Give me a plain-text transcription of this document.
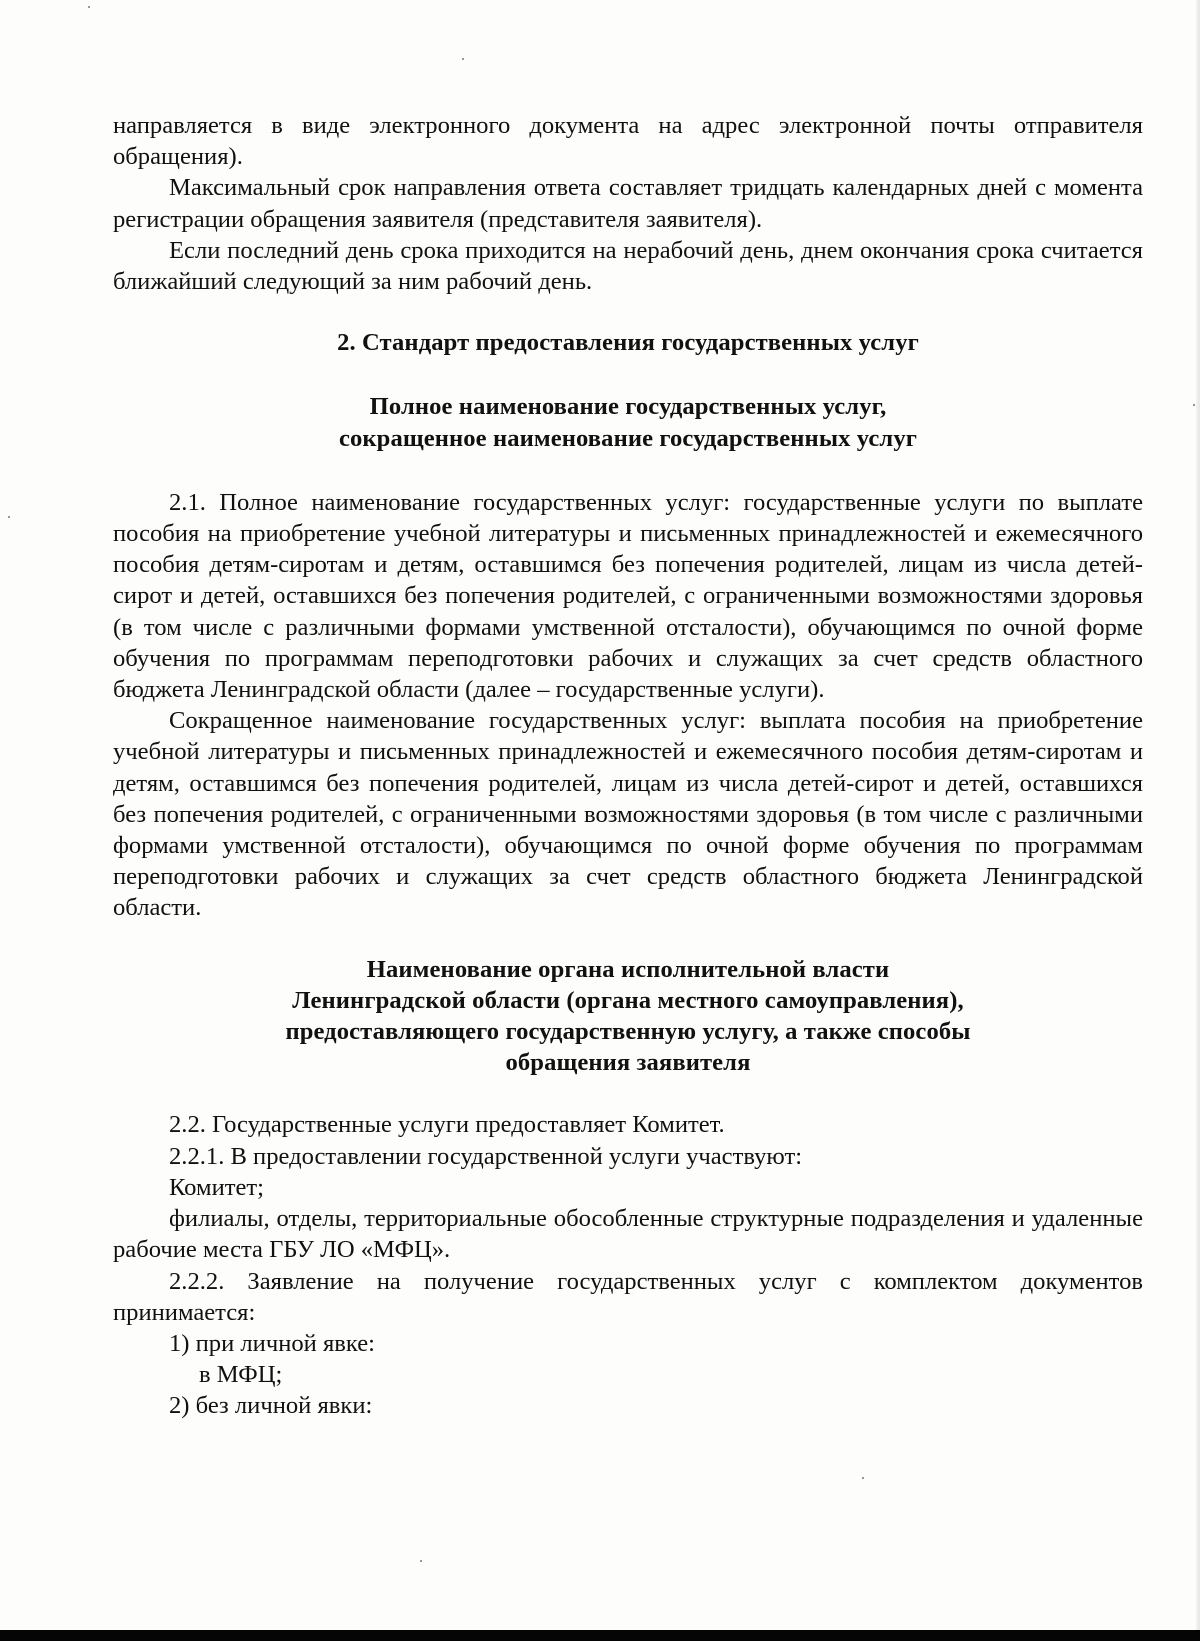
направляется в виде электронного документа на адрес электронной почты отправителя обращения).

Максимальный срок направления ответа составляет тридцать календарных дней с момента регистрации обращения заявителя (представителя заявителя).

Если последний день срока приходится на нерабочий день, днем окончания срока считается ближайший следующий за ним рабочий день.

2. Стандарт предоставления государственных услуг

Полное наименование государственных услуг,

сокращенное наименование государственных услуг

2.1. Полное наименование государственных услуг: государственные услуги по выплате пособия на приобретение учебной литературы и письменных принадлежностей и ежемесячного пособия детям-сиротам и детям, оставшимся без попечения родителей, лицам из числа детей-сирот и детей, оставшихся без попечения родителей, с ограниченными возможностями здоровья (в том числе с различными формами умственной отсталости), обучающимся по очной форме обучения по программам переподготовки рабочих и служащих за счет средств областного бюджета Ленинградской области (далее – государственные услуги).

Сокращенное наименование государственных услуг: выплата пособия на приобретение учебной литературы и письменных принадлежностей и ежемесячного пособия детям-сиротам и детям, оставшимся без попечения родителей, лицам из числа детей-сирот и детей, оставшихся без попечения родителей, с ограниченными возможностями здоровья (в том числе с различными формами умственной отсталости), обучающимся по очной форме обучения по программам переподготовки рабочих и служащих за счет средств областного бюджета Ленинградской области.

Наименование органа исполнительной власти

Ленинградской области (органа местного самоуправления),

предоставляющего государственную услугу, а также способы

обращения заявителя

2.2. Государственные услуги предоставляет Комитет.

2.2.1. В предоставлении государственной услуги участвуют:

Комитет;

филиалы, отделы, территориальные обособленные структурные подразделения и удаленные рабочие места ГБУ ЛО «МФЦ».

2.2.2. Заявление на получение государственных услуг с комплектом документов принимается:

1) при личной явке:

в МФЦ;

2) без личной явки:
